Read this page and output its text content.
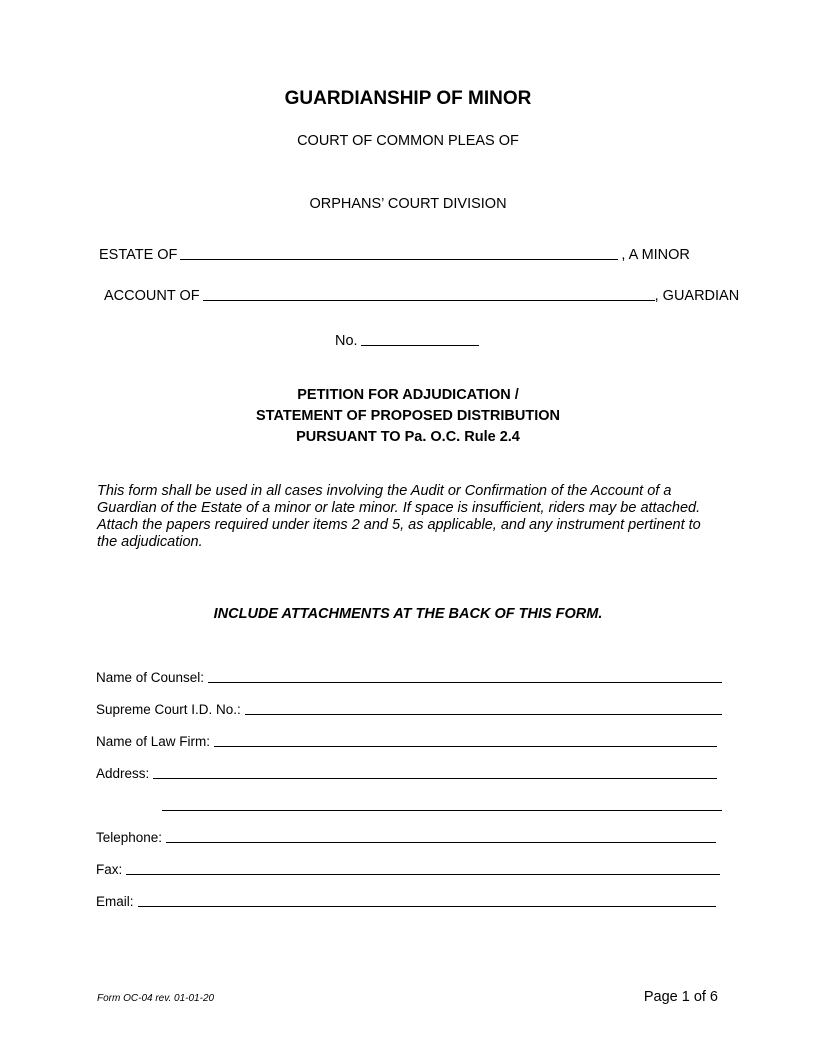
GUARDIANSHIP OF MINOR
COURT OF COMMON PLEAS OF
ORPHANS’ COURT DIVISION
ESTATE OF	, A MINOR
ACCOUNT OF	, GUARDIAN
No.
PETITION FOR ADJUDICATION /
STATEMENT OF PROPOSED DISTRIBUTION
PURSUANT TO Pa. O.C. Rule 2.4
This form shall be used in all cases involving the Audit or Confirmation of the Account of a Guardian of the Estate of a minor or late minor. If space is insufficient, riders may be attached. Attach the papers required under items 2 and 5, as applicable, and any instrument pertinent to the adjudication.
INCLUDE ATTACHMENTS AT THE BACK OF THIS FORM.
Name of Counsel:
Supreme Court I.D. No.:
Name of Law Firm:
Address:
Telephone:
Fax:
Email:
Form OC-04 rev. 01-01-20	Page 1 of 6
